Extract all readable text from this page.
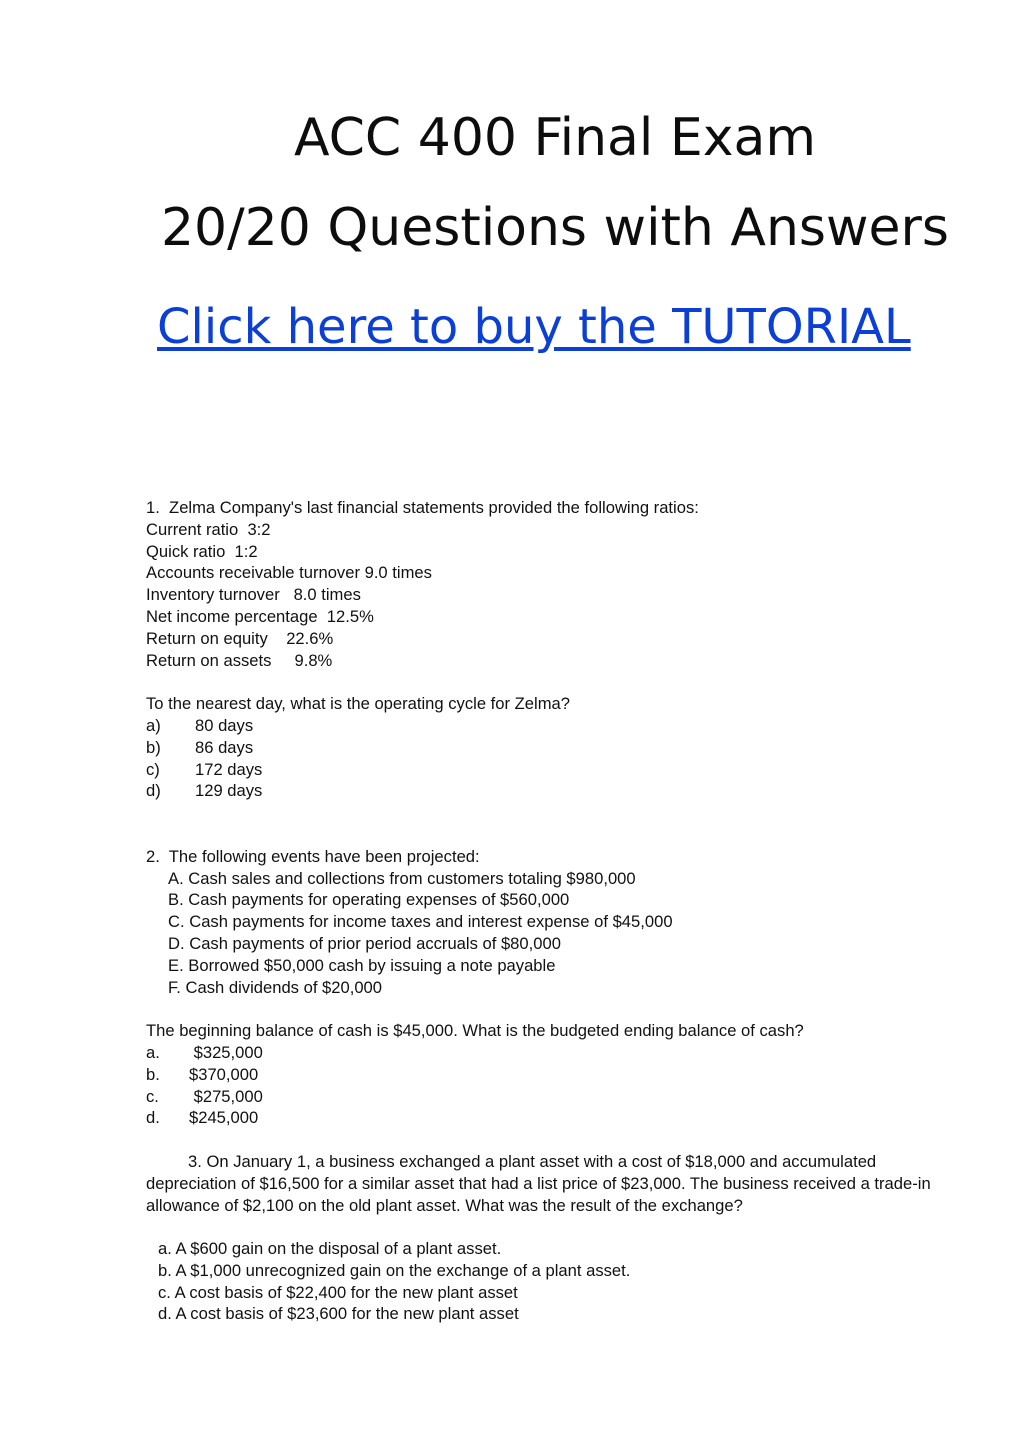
ACC 400 Final Exam
20/20 Questions with Answers
Click here to buy the TUTORIAL
1.  Zelma Company's last financial statements provided the following ratios:
Current ratio  3:2
Quick ratio  1:2
Accounts receivable turnover 9.0 times
Inventory turnover   8.0 times
Net income percentage  12.5%
Return on equity    22.6%
Return on assets     9.8%
To the nearest day, what is the operating cycle for Zelma?
a)	80 days
b)	86 days
c)	172 days
d)	129 days
2.  The following events have been projected:
A. Cash sales and collections from customers totaling $980,000
B. Cash payments for operating expenses of $560,000
C. Cash payments for income taxes and interest expense of $45,000
D. Cash payments of prior period accruals of $80,000
E. Borrowed $50,000 cash by issuing a note payable
F. Cash dividends of $20,000
The beginning balance of cash is $45,000. What is the budgeted ending balance of cash?
a.	$325,000
b.	$370,000
c.	$275,000
d.	$245,000
3. On January 1, a business exchanged a plant asset with a cost of $18,000 and accumulated depreciation of $16,500 for a similar asset that had a list price of $23,000. The business received a trade-in allowance of $2,100 on the old plant asset. What was the result of the exchange?
a. A $600 gain on the disposal of a plant asset.
b. A $1,000 unrecognized gain on the exchange of a plant asset.
c. A cost basis of $22,400 for the new plant asset
d. A cost basis of $23,600 for the new plant asset
